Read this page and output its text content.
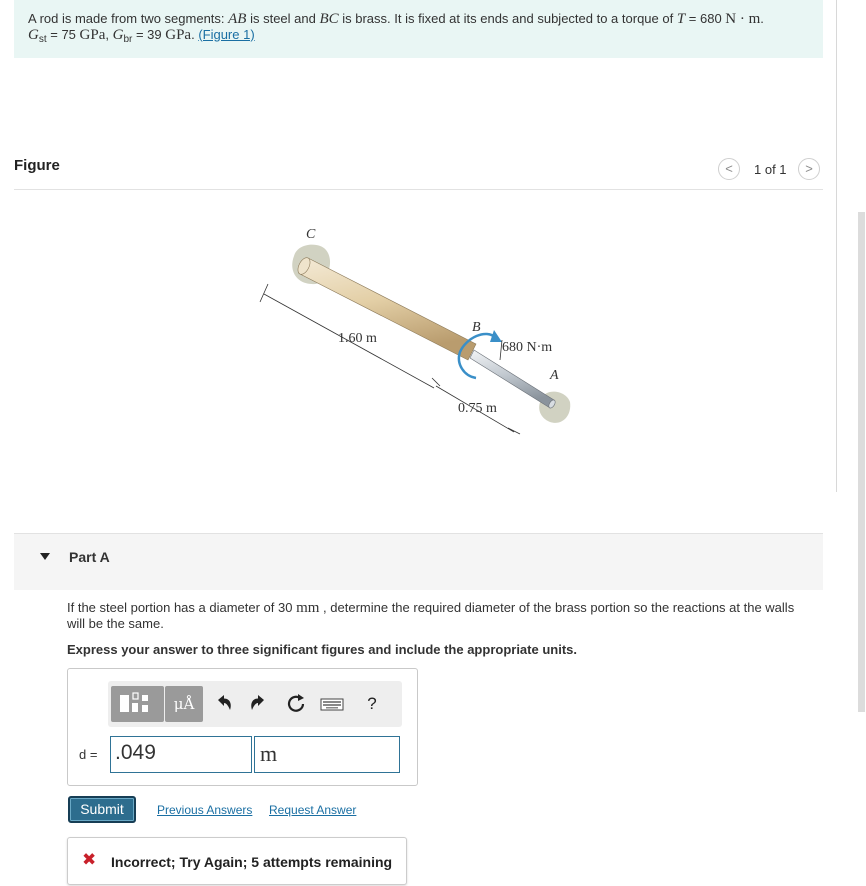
A rod is made from two segments: AB is steel and BC is brass. It is fixed at its ends and subjected to a torque of T = 680 N · m.
$G_{st} = 75$ GPa, $G_{br} = 39$ GPa. (Figure 1)
Figure	<	1 of 1	>
C
B
A
1.60 m
0.75 m
680 N·m
Part A
If the steel portion has a diameter of 30 mm , determine the required diameter of the brass portion so the reactions at the walls will be the same.
Express your answer to three significant figures and include the appropriate units.
μÅ	?
d = .049	m
Submit	Previous Answers Request Answer
✖ Incorrect; Try Again; 5 attempts remaining
